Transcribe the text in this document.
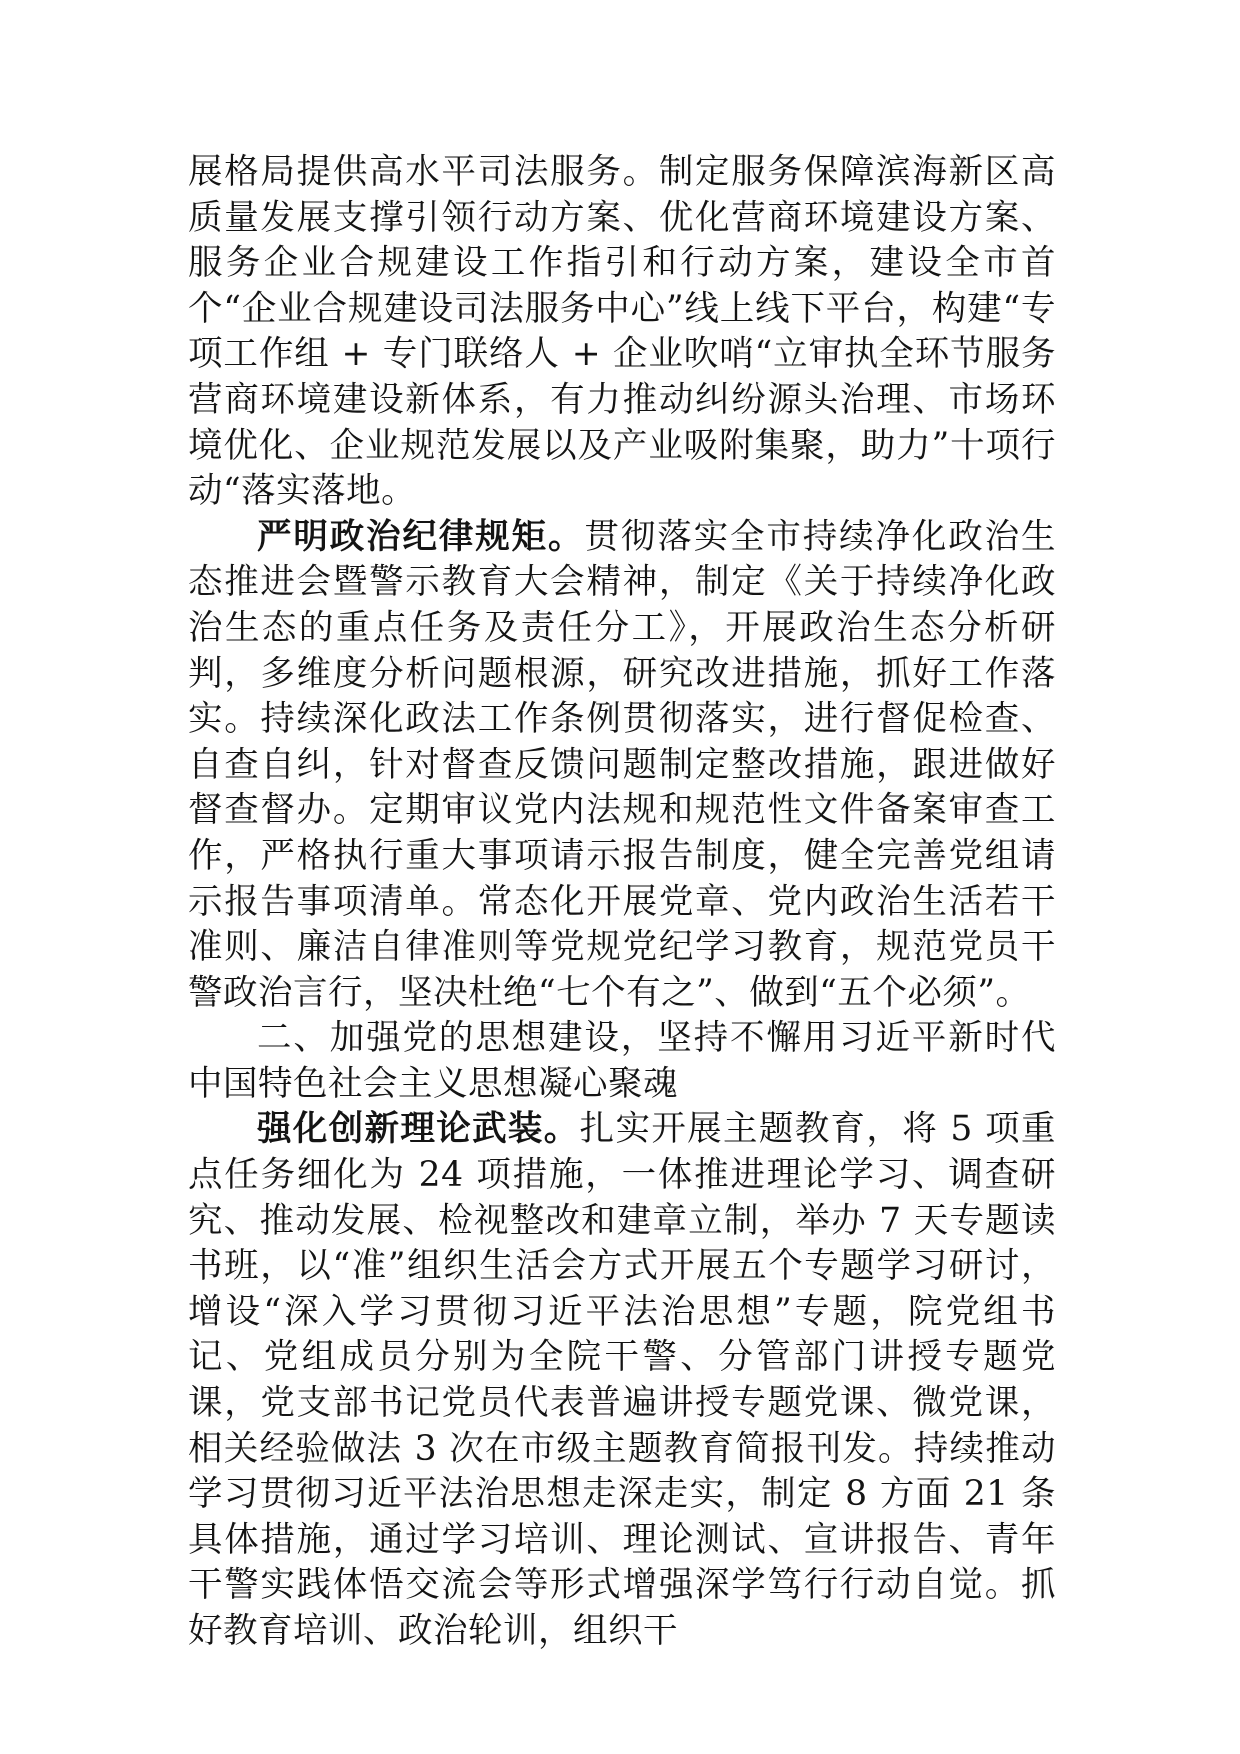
展格局提供高水平司法服务。制定服务保障滨海新区高质量发展支撑引领行动方案、优化营商环境建设方案、服务企业合规建设工作指引和行动方案，建设全市首个“企业合规建设司法服务中心”线上线下平台，构建“专项工作组 + 专门联络人 + 企业吹哨“立审执全环节服务营商环境建设新体系，有力推动纠纷源头治理、市场环境优化、企业规范发展以及产业吸附集聚，助力”十项行动“落实落地。

严明政治纪律规矩。贯彻落实全市持续净化政治生态推进会暨警示教育大会精神，制定《关于持续净化政治生态的重点任务及责任分工》，开展政治生态分析研判，多维度分析问题根源，研究改进措施，抓好工作落实。持续深化政法工作条例贯彻落实，进行督促检查、自查自纠，针对督查反馈问题制定整改措施，跟进做好督查督办。定期审议党内法规和规范性文件备案审查工作，严格执行重大事项请示报告制度，健全完善党组请示报告事项清单。常态化开展党章、党内政治生活若干准则、廉洁自律准则等党规党纪学习教育，规范党员干警政治言行，坚决杜绝“七个有之”、做到“五个必须”。

二、加强党的思想建设，坚持不懈用习近平新时代中国特色社会主义思想凝心聚魂

强化创新理论武装。扎实开展主题教育，将 5 项重点任务细化为 24 项措施，一体推进理论学习、调查研究、推动发展、检视整改和建章立制，举办 7 天专题读书班，以“准”组织生活会方式开展五个专题学习研讨，增设“深入学习贯彻习近平法治思想”专题，院党组书记、党组成员分别为全院干警、分管部门讲授专题党课，党支部书记党员代表普遍讲授专题党课、微党课，相关经验做法 3 次在市级主题教育简报刊发。持续推动学习贯彻习近平法治思想走深走实，制定 8 方面 21 条具体措施，通过学习培训、理论测试、宣讲报告、青年干警实践体悟交流会等形式增强深学笃行行动自觉。抓好教育培训、政治轮训，组织干
